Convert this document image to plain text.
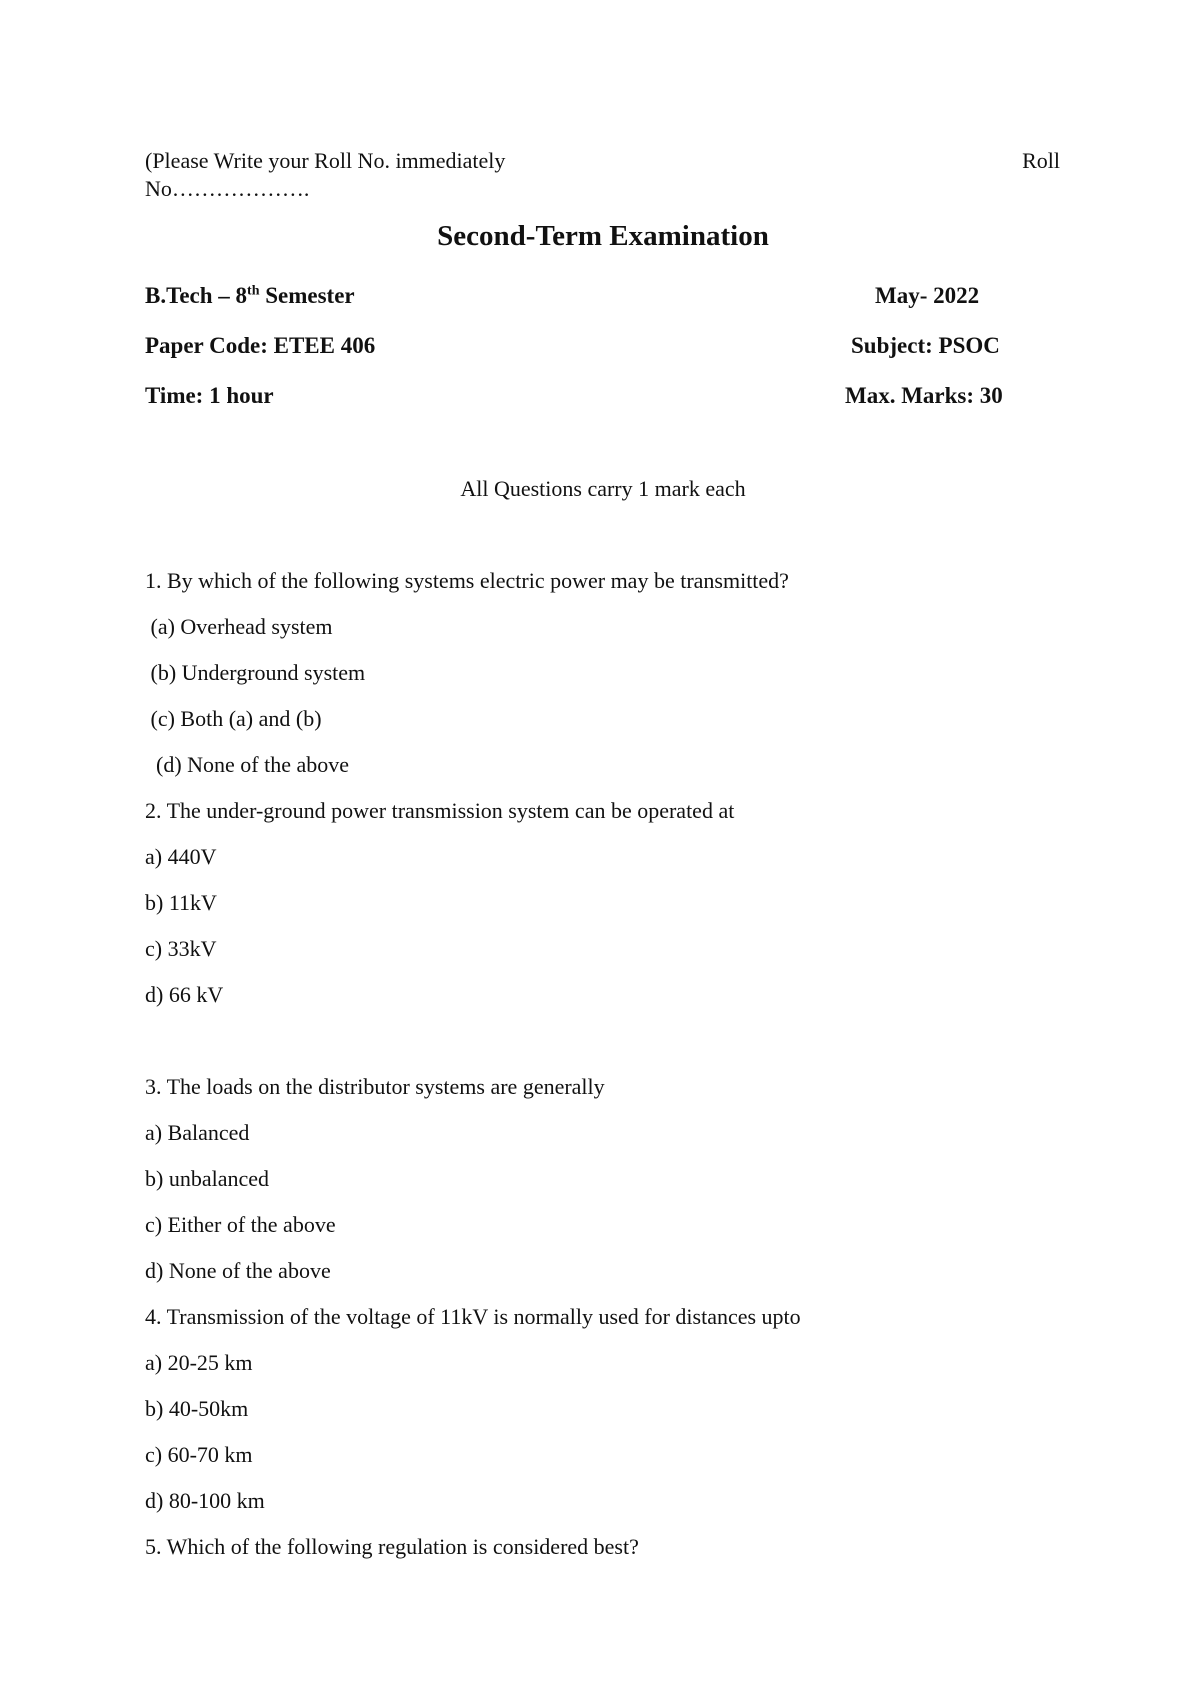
(Please Write your Roll No. immediately	Roll
No……………….
Second-Term Examination
B.Tech – 8th Semester	May- 2022
Paper Code: ETEE 406	Subject: PSOC
Time: 1 hour	Max. Marks: 30
All Questions carry 1 mark each
1. By which of the following systems electric power may be transmitted?
(a) Overhead system
(b) Underground system
(c) Both (a) and (b)
(d) None of the above
2. The under-ground power transmission system can be operated at
a) 440V
b) 11kV
c) 33kV
d) 66 kV
3. The loads on the distributor systems are generally
a) Balanced
b) unbalanced
c) Either of the above
d) None of the above
4. Transmission of the voltage of 11kV is normally used for distances upto
a) 20-25 km
b) 40-50km
c) 60-70 km
d) 80-100 km
5. Which of the following regulation is considered best?
